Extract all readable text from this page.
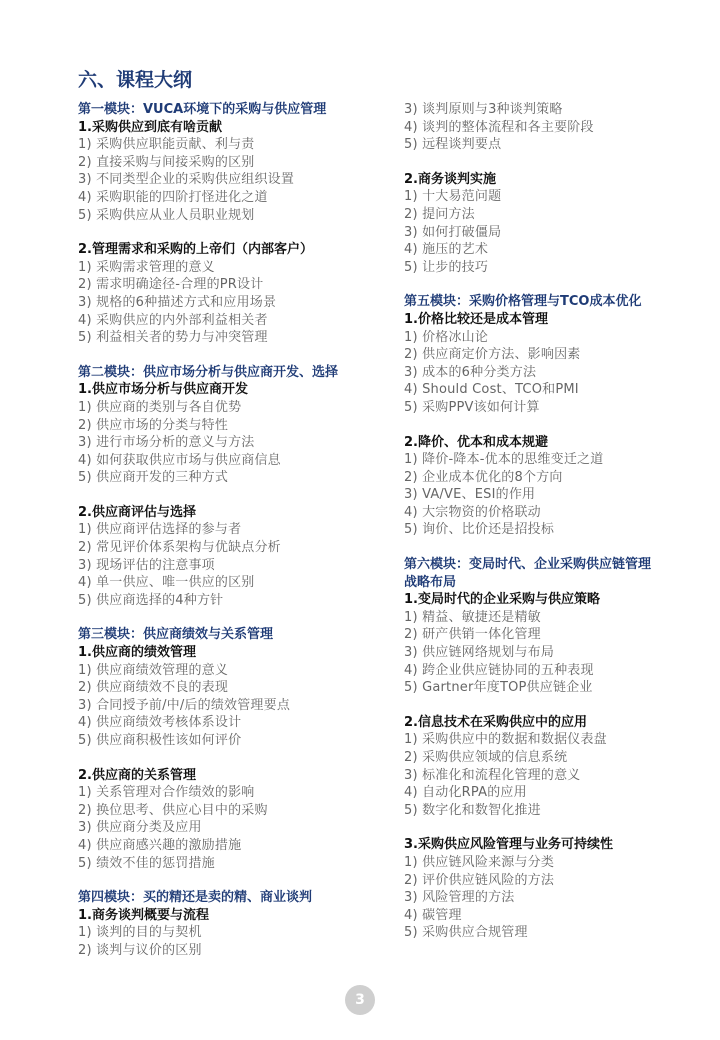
六、课程大纲
第一模块：VUCA环境下的采购与供应管理
1.采购供应到底有啥贡献
1) 采购供应职能贡献、利与责
2) 直接采购与间接采购的区别
3) 不同类型企业的采购供应组织设置
4) 采购职能的四阶打怪进化之道
5) 采购供应从业人员职业规划
2.管理需求和采购的上帝们（内部客户）
1) 采购需求管理的意义
2) 需求明确途径-合理的PR设计
3) 规格的6种描述方式和应用场景
4) 采购供应的内外部利益相关者
5) 利益相关者的势力与冲突管理
第二模块：供应市场分析与供应商开发、选择
1.供应市场分析与供应商开发
1) 供应商的类别与各自优势
2) 供应市场的分类与特性
3) 进行市场分析的意义与方法
4) 如何获取供应市场与供应商信息
5) 供应商开发的三种方式
2.供应商评估与选择
1) 供应商评估选择的参与者
2) 常见评价体系架构与优缺点分析
3) 现场评估的注意事项
4) 单一供应、唯一供应的区别
5) 供应商选择的4种方针
第三模块：供应商绩效与关系管理
1.供应商的绩效管理
1) 供应商绩效管理的意义
2) 供应商绩效不良的表现
3) 合同授予前/中/后的绩效管理要点
4) 供应商绩效考核体系设计
5) 供应商积极性该如何评价
2.供应商的关系管理
1) 关系管理对合作绩效的影响
2) 换位思考、供应心目中的采购
3) 供应商分类及应用
4) 供应商感兴趣的激励措施
5) 绩效不佳的惩罚措施
第四模块：买的精还是卖的精、商业谈判
1.商务谈判概要与流程
1) 谈判的目的与契机
2) 谈判与议价的区别
3) 谈判原则与3种谈判策略
4) 谈判的整体流程和各主要阶段
5) 远程谈判要点
2.商务谈判实施
1) 十大易范问题
2) 提问方法
3) 如何打破僵局
4) 施压的艺术
5) 让步的技巧
第五模块：采购价格管理与TCO成本优化
1.价格比较还是成本管理
1) 价格冰山论
2) 供应商定价方法、影响因素
3) 成本的6种分类方法
4) Should Cost、TCO和PMI
5) 采购PPV该如何计算
2.降价、优本和成本规避
1) 降价-降本-优本的思维变迁之道
2) 企业成本优化的8个方向
3) VA/VE、ESI的作用
4) 大宗物资的价格联动
5) 询价、比价还是招投标
第六模块：变局时代、企业采购供应链管理战略布局
1.变局时代的企业采购与供应策略
1) 精益、敏捷还是精敏
2) 研产供销一体化管理
3) 供应链网络规划与布局
4) 跨企业供应链协同的五种表现
5) Gartner年度TOP供应链企业
2.信息技术在采购供应中的应用
1) 采购供应中的数据和数据仪表盘
2) 采购供应领域的信息系统
3) 标准化和流程化管理的意义
4) 自动化RPA的应用
5) 数字化和数智化推进
3.采购供应风险管理与业务可持续性
1) 供应链风险来源与分类
2) 评价供应链风险的方法
3) 风险管理的方法
4) 碳管理
5) 采购供应合规管理
3
